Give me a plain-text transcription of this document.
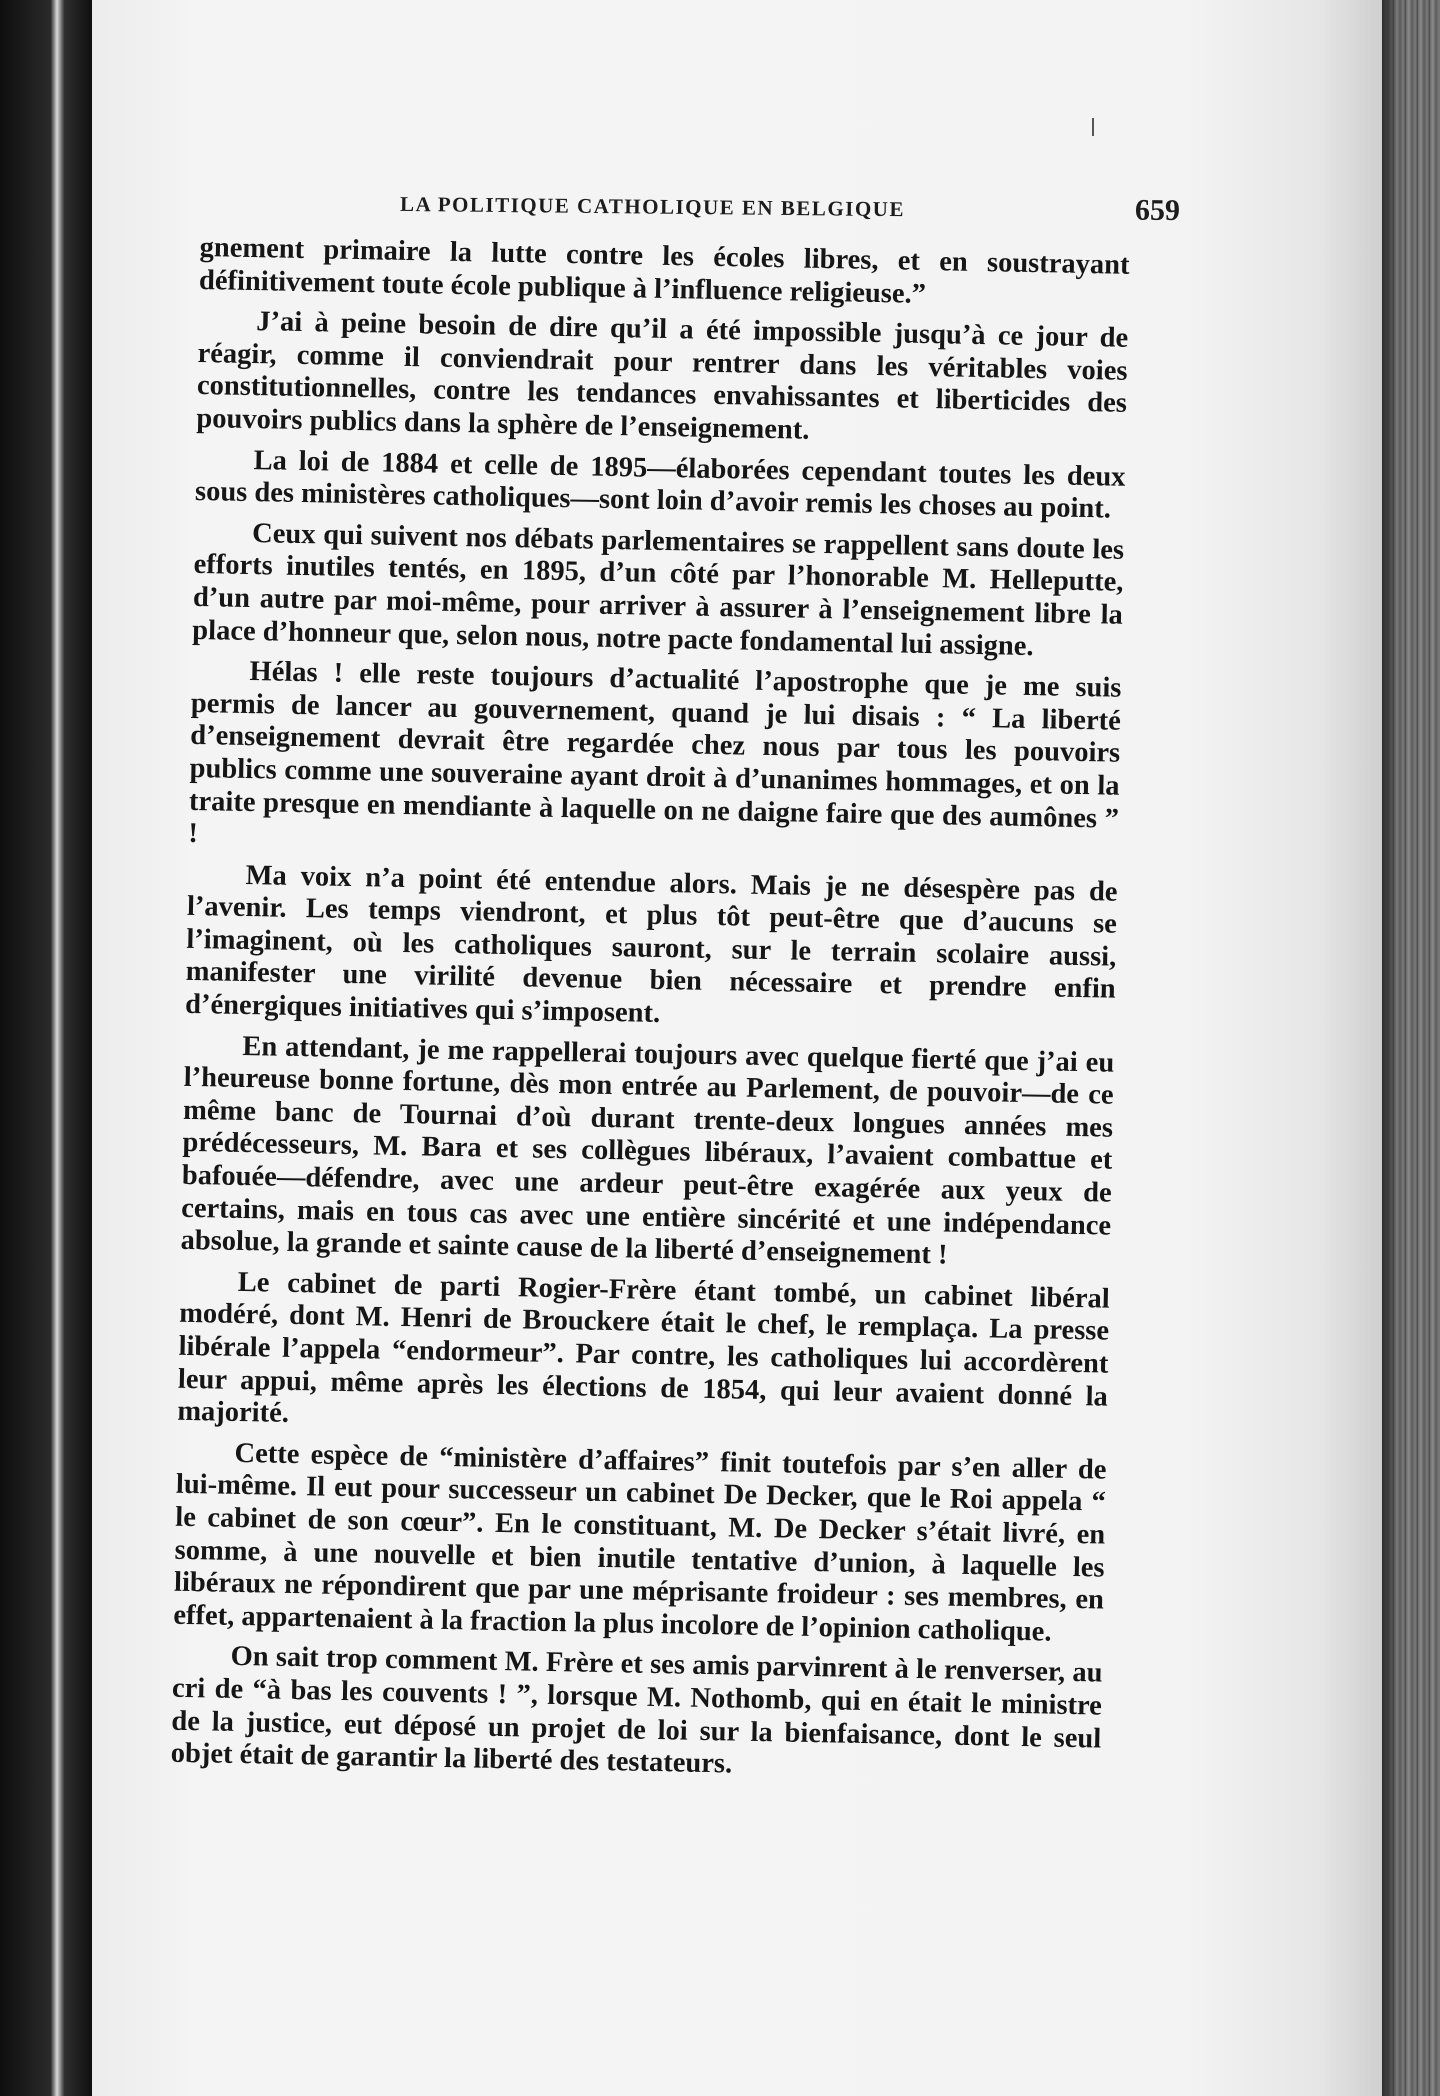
LA POLITIQUE CATHOLIQUE EN BELGIQUE	659

gnement primaire la lutte contre les écoles libres, et en soustrayant définitivement toute école publique à l’influence religieuse.”

J’ai à peine besoin de dire qu’il a été impossible jusqu’à ce jour de réagir, comme il conviendrait pour rentrer dans les véritables voies constitutionnelles, contre les tendances envahissantes et liberticides des pouvoirs publics dans la sphère de l’enseignement.

La loi de 1884 et celle de 1895—élaborées cependant toutes les deux sous des ministères catholiques—sont loin d’avoir remis les choses au point.

Ceux qui suivent nos débats parlementaires se rappellent sans doute les efforts inutiles tentés, en 1895, d’un côté par l’honorable M. Helleputte, d’un autre par moi-même, pour arriver à assurer à l’enseignement libre la place d’honneur que, selon nous, notre pacte fondamental lui assigne.

Hélas ! elle reste toujours d’actualité l’apostrophe que je me suis permis de lancer au gouvernement, quand je lui disais : “ La liberté d’enseignement devrait être regardée chez nous par tous les pouvoirs publics comme une souveraine ayant droit à d’unanimes hommages, et on la traite presque en mendiante à laquelle on ne daigne faire que des aumônes ” !

Ma voix n’a point été entendue alors. Mais je ne désespère pas de l’avenir. Les temps viendront, et plus tôt peut-être que d’aucuns se l’imaginent, où les catholiques sauront, sur le terrain scolaire aussi, manifester une virilité devenue bien nécessaire et prendre enfin d’énergiques initiatives qui s’imposent.

En attendant, je me rappellerai toujours avec quelque fierté que j’ai eu l’heureuse bonne fortune, dès mon entrée au Parlement, de pouvoir—de ce même banc de Tournai d’où durant trente-deux longues années mes prédécesseurs, M. Bara et ses collègues libéraux, l’avaient combattue et bafouée—défendre, avec une ardeur peut-être exagérée aux yeux de certains, mais en tous cas avec une entière sincérité et une indépendance absolue, la grande et sainte cause de la liberté d’enseignement !

Le cabinet de parti Rogier-Frère étant tombé, un cabinet libéral modéré, dont M. Henri de Brouckere était le chef, le remplaça. La presse libérale l’appela “endormeur”. Par contre, les catholiques lui accordèrent leur appui, même après les élections de 1854, qui leur avaient donné la majorité.

Cette espèce de “ministère d’affaires” finit toutefois par s’en aller de lui-même. Il eut pour successeur un cabinet De Decker, que le Roi appela “ le cabinet de son cœur”. En le constituant, M. De Decker s’était livré, en somme, à une nouvelle et bien inutile tentative d’union, à laquelle les libéraux ne répondirent que par une méprisante froideur : ses membres, en effet, appartenaient à la fraction la plus incolore de l’opinion catholique.

On sait trop comment M. Frère et ses amis parvinrent à le renverser, au cri de “à bas les couvents ! ”, lorsque M. Nothomb, qui en était le ministre de la justice, eut déposé un projet de loi sur la bienfaisance, dont le seul objet était de garantir la liberté des testateurs.
